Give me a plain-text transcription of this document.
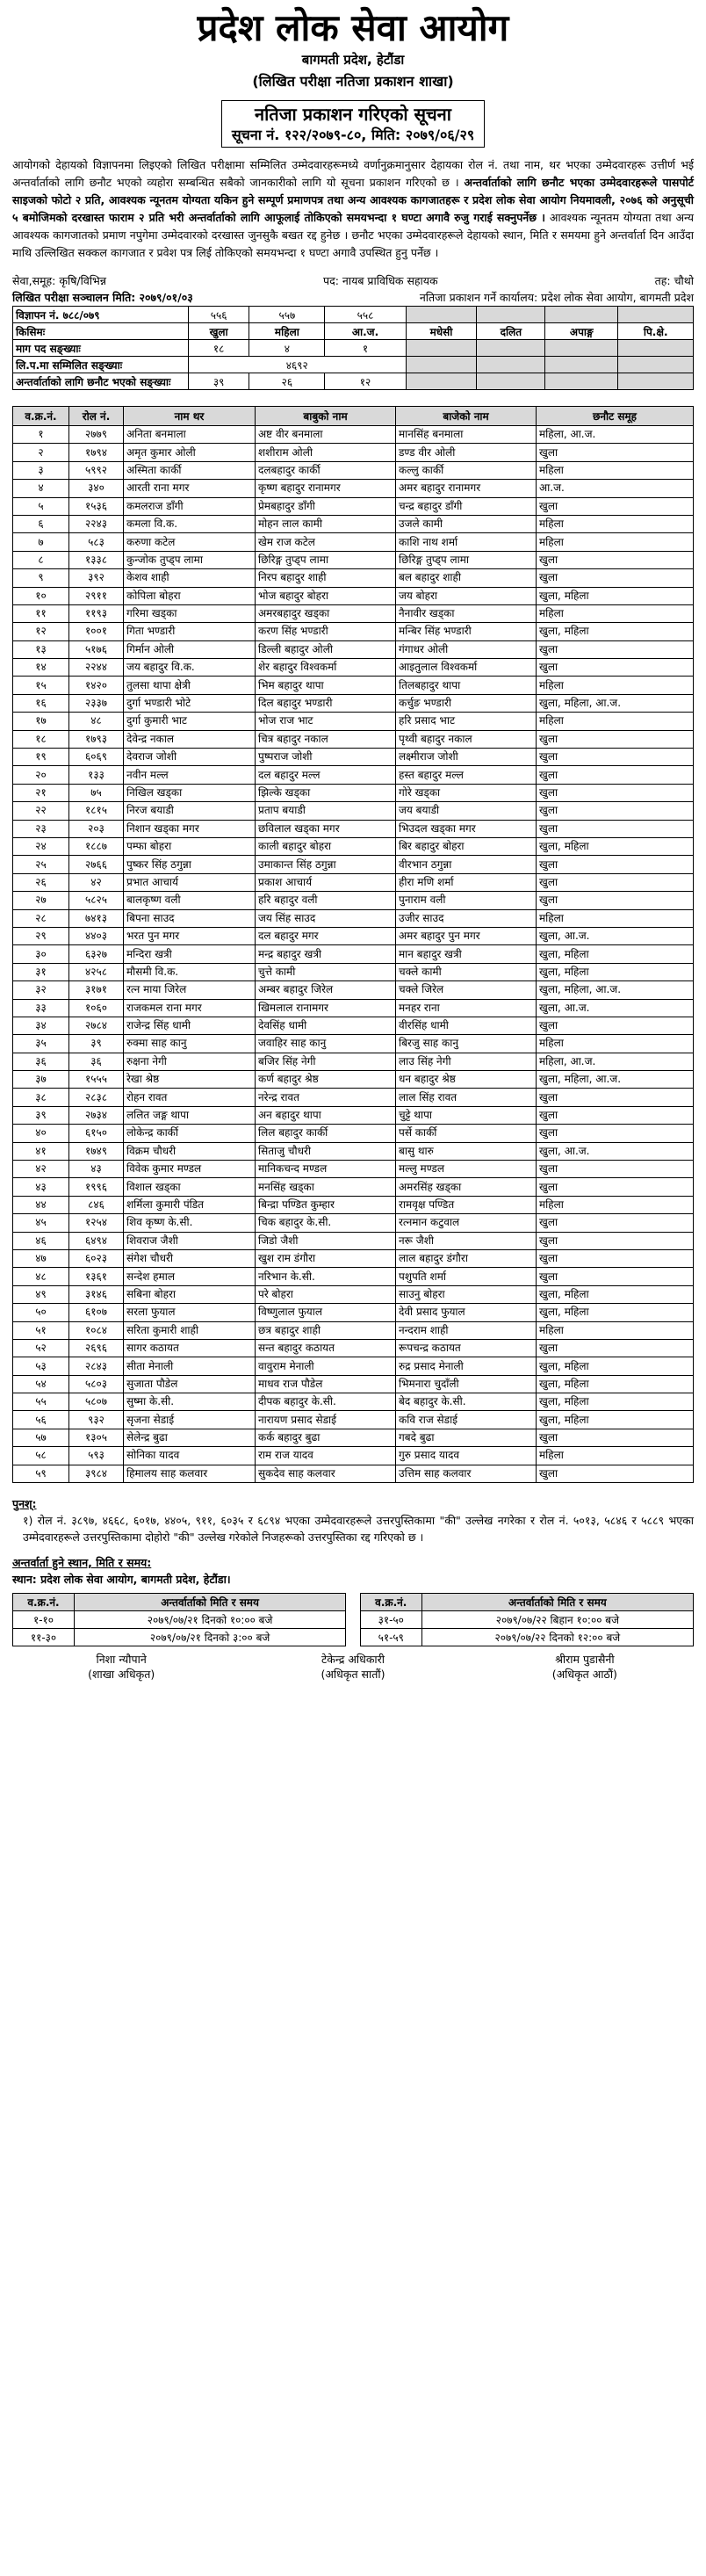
प्रदेश लोक सेवा आयोग
बागमती प्रदेश, हेटौंडा
(लिखित परीक्षा नतिजा प्रकाशन शाखा)
नतिजा प्रकाशन गरिएको सूचना
सूचना नं. १२२/२०७९-८०, मिति: २०७९/०६/२९
आयोगको देहायको विज्ञापनमा लिइएको लिखित परीक्षामा सम्मिलित उम्मेदवारहरूमध्ये वर्णानुक्रमानुसार देहायका रोल नं. तथा नाम, थर भएका उम्मेदवारहरू उत्तीर्ण भई अन्तर्वार्ताको लागि छनौट भएको व्यहोरा सम्बन्धित सबैको जानकारीको लागि यो सूचना प्रकाशन गरिएको छ । अन्तर्वार्ताको लागि छनौट भएका उम्मेदवारहरूले पासपोर्ट साइजको फोटो २ प्रति, आवश्यक न्यूनतम योग्यता यकिन हुने सम्पूर्ण प्रमाणपत्र तथा अन्य आवश्यक कागजातहरू र प्रदेश लोक सेवा आयोग नियमावली, २०७६ को अनुसूची ५ बमोजिमको दरखास्त फाराम २ प्रति भरी अन्तर्वार्ताको लागि आफूलाई तोकिएको समयभन्दा १ घण्टा अगावै रुजु गराई सक्नुपर्नेछ । आवश्यक न्यूनतम योग्यता तथा अन्य आवश्यक कागजातको प्रमाण नपुगेमा उम्मेदवारको दरखास्त जुनसुकै बखत रद्द हुनेछ । छनौट भएका उम्मेदवारहरूले देहायको स्थान, मिति र समयमा हुने अन्तर्वार्ता दिन आउँदा माथि उल्लिखित सक्कल कागजात र प्रवेश पत्र लिई तोकिएको समयभन्दा १ घण्टा अगावै उपस्थित हुनु पर्नेछ ।
सेवा,समूह: कृषि/विभिन्न	पद: नायब प्राविधिक सहायक	तह: चौथो
लिखित परीक्षा सञ्चालन मिति: २०७९/०१/०३	नतिजा प्रकाशन गर्ने कार्यालय: प्रदेश लोक सेवा आयोग, बागमती प्रदेश
विज्ञापन नं. ७८८/०७९	५५६	५५७	५५८				
किसिमः	खुला	महिला	आ.ज.	मधेसी	दलित	अपाङ्ग	पि.क्षे.
माग पद सङ्ख्याः	१८	४	१				
लि.प.मा सम्मिलित सङ्ख्याः	४६९२						
अन्तर्वार्ताको लागि छनौट भएको सङ्ख्याः	३९	२६	१२				
व.क्र.नं.	रोल नं.	नाम थर	बाबुको नाम	बाजेको नाम	छनौट समूह
१	२७७९	अनिता बनमाला	अष्ट वीर बनमाला	मानसिंह बनमाला	महिला, आ.ज.
२	१७९४	अमृत कुमार ओली	शशीराम ओली	डण्ड वीर ओली	खुला
३	५९९२	अस्मिता कार्की	दलबहादुर कार्की	कल्लु कार्की	महिला
४	३४०	आरती राना मगर	कृष्ण बहादुर रानामगर	अमर बहादुर रानामगर	आ.ज.
५	१५३६	कमलराज डाँगी	प्रेमबहादुर डाँगी	चन्द्र बहादुर डाँगी	खुला
६	२२४३	कमला वि.क.	मोहन लाल कामी	उजले कामी	महिला
७	५८३	करुणा कटेल	खेम राज कटेल	काशि नाथ शर्मा	महिला
८	१३३८	कुन्जोक तुप्ड्प लामा	छिरिङ्ग तुप्ड्प लामा	छिरिङ्ग तुप्ड्प लामा	खुला
९	३९२	केशव शाही	निरप बहादुर शाही	बल बहादुर शाही	खुला
१०	२९११	कोपिला बोहरा	भोज बहादुर बोहरा	जय बोहरा	खुला, महिला
११	११९३	गरिमा खड्का	अमरबहादुर खड्का	नैनावीर खड्का	महिला
१२	१००१	गिता भण्डारी	करण सिंह भण्डारी	मन्बिर सिंह भण्डारी	खुला, महिला
१३	५१७६	गिर्मान ओली	डिल्ली बहादुर ओली	गंगाधर ओली	खुला
१४	२२४४	जय बहादुर वि.क.	शेर बहादुर विश्वकर्मा	आइतुलाल विश्वकर्मा	खुला
१५	१४२०	तुलसा थापा क्षेत्री	भिम बहादुर थापा	तिलबहादुर थापा	महिला
१६	२३३७	दुर्गा भण्डारी भोटे	दिल बहादुर भण्डारी	कर्चुङ भण्डारी	खुला, महिला, आ.ज.
१७	४८	दुर्गा कुमारी भाट	भोज राज भाट	हरि प्रसाद भाट	महिला
१८	१७९३	देवेन्द्र नकाल	चित्र बहादुर नकाल	पृथ्वी बहादुर नकाल	खुला
१९	६०६९	देवराज जोशी	पुष्पराज जोशी	लक्ष्मीराज जोशी	खुला
२०	१३३	नवीन मल्ल	दल बहादुर मल्ल	हस्त बहादुर मल्ल	खुला
२१	७५	निखिल खड्का	झिल्के खड्का	गोरे खड्का	खुला
२२	१८१५	निरज बयाडी	प्रताप बयाडी	जय बयाडी	खुला
२३	२०३	निशान खड्का मगर	छविलाल खड्का मगर	भिउदल खड्का मगर	खुला
२४	१८८७	पम्फा बोहरा	काली बहादुर बोहरा	बिर बहादुर बोहरा	खुला, महिला
२५	२७६६	पुष्कर सिंह ठगुन्ना	उमाकान्त सिंह ठगुन्ना	वीरभान ठगुन्ना	खुला
२६	४२	प्रभात आचार्य	प्रकाश आचार्य	हीरा मणि शर्मा	खुला
२७	५८२५	बालकृष्ण वली	हरि बहादुर वली	पुनाराम वली	खुला
२८	७४१३	बिपना साउद	जय सिंह साउद	उजीर साउद	महिला
२९	४४०३	भरत पुन मगर	दल बहादुर मगर	अमर बहादुर पुन मगर	खुला, आ.ज.
३०	६३२७	मन्दिरा खत्री	मन्द्र बहादुर खत्री	मान बहादुर खत्री	खुला, महिला
३१	४२५८	मौसमी वि.क.	चुत्ते कामी	चक्ले कामी	खुला, महिला
३२	३१७१	रत्न माया जिरेल	अम्बर बहादुर जिरेल	चक्ले जिरेल	खुला, महिला, आ.ज.
३३	१०६०	राजकमल राना मगर	खिमलाल रानामगर	मनहर राना	खुला, आ.ज.
३४	२७८४	राजेन्द्र सिंह धामी	देवसिंह धामी	वीरसिंह धामी	खुला
३५	३९	रुक्मा साह कानु	जवाहिर साह कानु	बिरजु साह कानु	महिला
३६	३६	रुक्षना नेगी	बजिर सिंह नेगी	लाउ सिंह नेगी	महिला, आ.ज.
३७	१५५५	रेखा श्रेष्ठ	कर्ण बहादुर श्रेष्ठ	धन बहादुर श्रेष्ठ	खुला, महिला, आ.ज.
३८	२८३८	रोहन रावत	नरेन्द्र रावत	लाल सिंह रावत	खुला
३९	२७३४	ललित जङ्ग थापा	अन बहादुर थापा	चुट्टे थापा	खुला
४०	६१५०	लोकेन्द्र कार्की	लिल बहादुर कार्की	पर्से कार्की	खुला
४१	१७४९	विक्रम चौधरी	सिताजु चौधरी	बासु थारु	खुला, आ.ज.
४२	४३	विवेक कुमार मण्डल	मानिकचन्द मण्डल	मल्लु मण्डल	खुला
४३	१९९६	विशाल खड्का	मनसिंह खड्का	अमरसिंह खड्का	खुला
४४	८४६	शर्मिला कुमारी पंडित	बिन्द्रा पण्डित कुम्हार	रामवृक्ष पण्डित	महिला
४५	१२५४	शिव कृष्ण के.सी.	चिक बहादुर के.सी.	रत्नमान कटुवाल	खुला
४६	६४९४	शिवराज जैशी	जिडो जैशी	नरू जैशी	खुला
४७	६०२३	संगेश चौधरी	खुश राम डंगौरा	लाल बहादुर डंगौरा	खुला
४८	१३६१	सन्देश हमाल	नरिभान के.सी.	पशुपति शर्मा	खुला
४९	३१४६	सबिना बोहरा	परे बोहरा	साउनु बोहरा	खुला, महिला
५०	६१०७	सरला फुयाल	विष्णुलाल फुयाल	देवी प्रसाद फुयाल	खुला, महिला
५१	१०८४	सरिता कुमारी शाही	छत्र बहादुर शाही	नन्दराम शाही	महिला
५२	२६९६	सागर कठायत	सन्त बहादुर कठायत	रूपचन्द्र कठायत	खुला
५३	२८४३	सीता मेनाली	वावुराम मेनाली	रुद्र प्रसाद मेनाली	खुला, महिला
५४	५८०३	सुजाता पौडेल	माधव राज पौडेल	भिमनारा चुदाँली	खुला, महिला
५५	५८०७	सुष्मा के.सी.	दीपक बहादुर के.सी.	बेद बहादुर के.सी.	खुला, महिला
५६	९३२	सृजना सेडाई	नारायण प्रसाद सेडाई	कवि राज सेडाई	खुला, महिला
५७	१३०५	सेलेन्द्र बुढा	कर्क बहादुर बुढा	गबदे बुढा	खुला
५८	५९३	सोनिका यादव	राम राज यादव	गुरु प्रसाद यादव	महिला
५९	३९८४	हिमालय साह कलवार	सुकदेव साह कलवार	उत्तिम साह कलवार	खुला
पुनश्:
१) रोल नं. ३८९७, ४६६८, ६०१७, ४४०५, ९११, ६०३५ र ६८९४ भएका उम्मेदवारहरूले उत्तरपुस्तिकामा "की" उल्लेख नगरेका र रोल नं. ५०१३, ५८४६ र ५८८९ भएका उम्मेदवारहरूले उत्तरपुस्तिकामा दोहोरो "की" उल्लेख गरेकोले निजहरूको उत्तरपुस्तिका रद्द गरिएको छ ।
अन्तर्वार्ता हुने स्थान, मिति र समय:
स्थान: प्रदेश लोक सेवा आयोग, बागमती प्रदेश, हेटौंडा।
व.क्र.नं.	अन्तर्वार्ताको मिति र समय
१-१०	२०७९/०७/२१ दिनको १०:०० बजे
११-३०	२०७९/०७/२१ दिनको ३:०० बजे
व.क्र.नं.	अन्तर्वार्ताको मिति र समय
३१-५०	२०७९/०७/२२ बिहान १०:०० बजे
५१-५९	२०७९/०७/२२ दिनको १२:०० बजे
निशा न्यौपाने
(शाखा अधिकृत)
टेकेन्द्र अधिकारी
(अधिकृत सातौं)
श्रीराम पुडासैनी
(अधिकृत आठौं)
